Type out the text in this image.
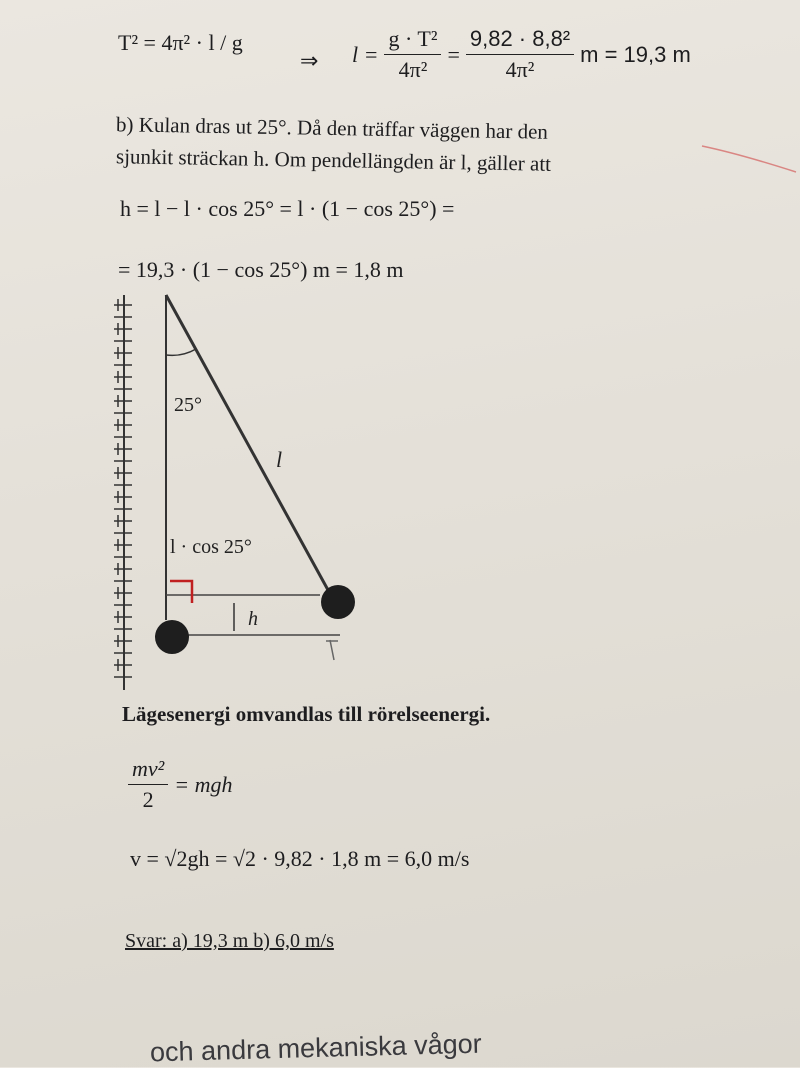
T² = 4π² · l / g
⇒ $l = \frac{\text{g · T²}}{\text{4π²}} = \frac{\text{9,82 · 8,8²}}{\text{4π²}}$ m = 19,3 m
b) Kulan dras ut 25°. Då den träffar väggen har den
sjunkit sträckan h. Om pendellängden är l, gäller att
h = l − l · cos 25° = l · (1 − cos 25°) =
= 19,3 · (1 − cos 25°) m = 1,8 m
25°
l
l · cos 25°
h
Lägesenergi omvandlas till rörelseenergi.
$\frac{\text{mv²}}{2}$ = mgh
v = √2gh = √2 · 9,82 · 1,8 m = 6,0 m/s
Svar: a) 19,3 m b) 6,0 m/s
och andra mekaniska vågor
